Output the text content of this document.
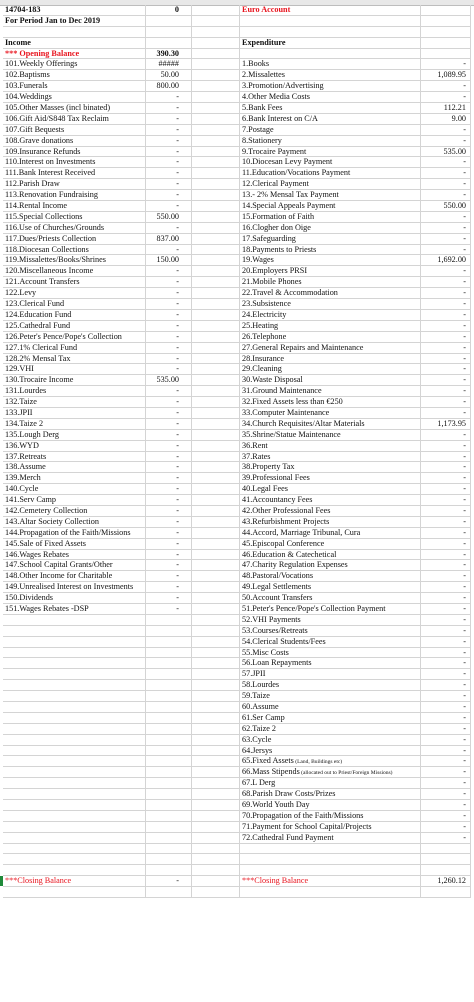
14704-183	0	Euro Account
For Period Jan to Dec 2019
Income	Expenditure
*** Opening Balance	390.30
101.Weekly Offerings	#####	1.Books	-
102.Baptisms	50.00	2.Missalettes	1,089.95
103.Funerals	800.00	3.Promotion/Advertising	-
104.Weddings	-	4.Other Media Costs	-
105.Other Masses (incl binated)	-	5.Bank Fees	112.21
106.Gift Aid/S848 Tax Reclaim	-	6.Bank Interest on C/A	9.00
107.Gift Bequests	-	7.Postage	-
108.Grave donations	-	8.Stationery	-
109.Insurance Refunds	-	9.Trocaire Payment	535.00
110.Interest on Investments	-	10.Diocesan Levy Payment	-
111.Bank Interest Received	-	11.Education/Vocations Payment	-
112.Parish Draw	-	12.Clerical Payment	-
113.Renovation Fundraising	-	13.- 2% Mensal Tax Payment	-
114.Rental Income	-	14.Special Appeals Payment	550.00
115.Special Collections	550.00	15.Formation of Faith	-
116.Use of Churches/Grounds	-	16.Clogher don Oige	-
117.Dues/Priests Collection	837.00	17.Safeguarding	-
118.Diocesan Collections	-	18.Payments to Priests	-
119.Missalettes/Books/Shrines	150.00	19.Wages	1,692.00
120.Miscellaneous Income	-	20.Employers PRSI	-
121.Account Transfers	-	21.Mobile Phones	-
122.Levy	-	22.Travel & Accommodation	-
123.Clerical Fund	-	23.Subsistence	-
124.Education Fund	-	24.Electricity	-
125.Cathedral Fund	-	25.Heating	-
126.Peter's Pence/Pope's Collection	-	26.Telephone	-
127.1% Clerical Fund	-	27.General Repairs and Maintenance	-
128.2% Mensal Tax	-	28.Insurance	-
129.VHI	-	29.Cleaning	-
130.Trocaire Income	535.00	30.Waste Disposal	-
131.Lourdes	-	31.Ground Maintenance	-
132.Taize	-	32.Fixed Assets less than €250	-
133.JPII	-	33.Computer Maintenance	-
134.Taize 2	-	34.Church Requisites/Altar Materials	1,173.95
135.Lough Derg	-	35.Shrine/Statue Maintenance	-
136.WYD	-	36.Rent	-
137.Retreats	-	37.Rates	-
138.Assume	-	38.Property Tax	-
139.Merch	-	39.Professional Fees	-
140.Cycle	-	40.Legal Fees	-
141.Serv Camp	-	41.Accountancy Fees	-
142.Cemetery Collection	-	42.Other Professional Fees	-
143.Altar Society Collection	-	43.Refurbishment Projects	-
144.Propagation of the Faith/Missions	-	44.Accord, Marriage Tribunal, Cura	-
145.Sale of Fixed Assets	-	45.Episcopal Conference	-
146.Wages Rebates	-	46.Education & Catechetical	-
147.School Capital Grants/Other	-	47.Charity Regulation Expenses	-
148.Other Income for Charitable	-	48.Pastoral/Vocations	-
149.Unrealised Interest on Investments	-	49.Legal Settlements	-
150.Dividends	-	50.Account Transfers	-
151.Wages Rebates -DSP	-	51.Peter's Pence/Pope's Collection Payment	-
52.VHI Payments	-
53.Courses/Retreats	-
54.Clerical Students/Fees	-
55.Misc Costs	-
56.Loan Repayments	-
57.JPII	-
58.Lourdes	-
59.Taize	-
60.Assume	-
61.Ser Camp	-
62.Taize 2	-
63.Cycle	-
64.Jersys	-
65.Fixed Assets (Land, Buildings etc)	-
66.Mass Stipends (allocated out to Priest/Foreign Missions)	-
67.L Derg	-
68.Parish Draw Costs/Prizes	-
69.World Youth Day	-
70.Propagation of the Faith/Missions	-
71.Payment for School Capital/Projects	-
72.Cathedral Fund Payment	-
***Closing Balance	-	***Closing Balance	1,260.12
